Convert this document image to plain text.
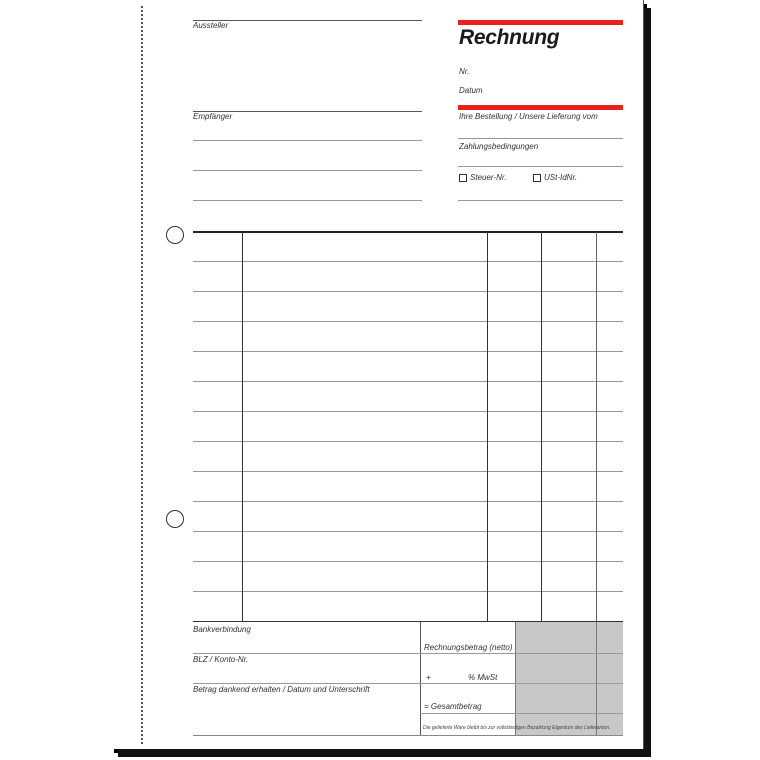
Aussteller
Rechnung
Nr.
Datum
Empfänger	Ihre Bestellung / Unsere Lieferung vom
Zahlungsbedingungen
Steuer-Nr.	USt-IdNr.
Bankverbindung
BLZ / Konto-Nr.
Betrag dankend erhalten / Datum und Unterschrift
Rechnungsbetrag (netto)
+	% MwSt
= Gesamtbetrag
Die gelieferte Ware bleibt bis zur vollständigen Bezahlung Eigentum des Lieferanten.
